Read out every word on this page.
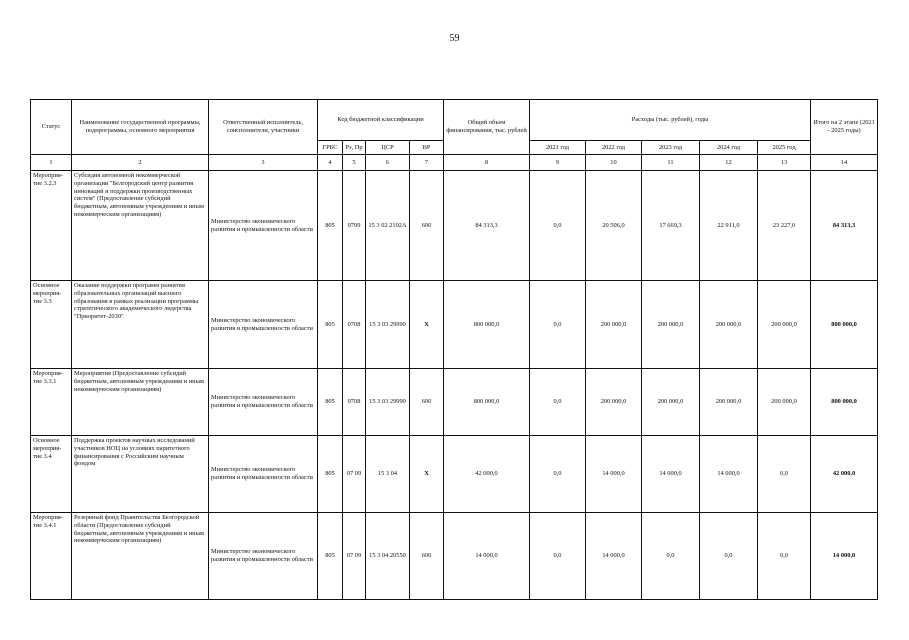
59
Статус	Наименование государственной программы, подпрограммы, основного мероприятия	Ответственный исполнитель, соисполнители, участники	Код бюджетной классификации				Общий объем финансирования, тыс. рублей	Расходы (тыс. рублей), годы					Итого на 2 этапе (2021 - 2025 годы)
			ГРБС	Рз, Пр	ЦСР	ВР		2021 год	2022 год	2023 год	2024 год	2025 год	
1	2	3	4	5	6	7	8	9	10	11	12	13	14
Мероприя-тие 3.2.3	Субсидия автономной некоммерческой организации "Белгородский центр развития инноваций и поддержки производственных систем" (Предоставление субсидий бюджетным, автономным учреждениям и иным некоммерческим организациям)	Министерство экономического развития и промышленности области	805	0709	15 3 02 2102А	600	84 313,3	0,0	20 506,0	17 669,3	22 911,0	23 227,0	84 313,3
Основное мероприя-тие 3.3	Оказание поддержки программ развития образовательных организаций высшего образования в рамках реализации программы стратегического академического лидерства "Приоритет-2030"	Министерство экономического развития и промышленности области	805	0708	15 3 03 29990	Х	800 000,0	0,0	200 000,0	200 000,0	200 000,0	200 000,0	800 000,0
Мероприя-тие 3.3.1	Мероприятия (Предоставление субсидий бюджетным, автономным учреждениям и иным некоммерческим организациям)	Министерство экономического развития и промышленности области	805	0708	15 3 03 29990	600	800 000,0	0,0	200 000,0	200 000,0	200 000,0	200 000,0	800 000,0
Основное мероприя-тие 3.4	Поддержка проектов научных исследований участников НОЦ на условиях паритетного финансирования с Российским научным фондом	Министерство экономического развития и промышленности области	805	07 09	15 3 04	Х	42 000,0	0,0	14 000,0	14 000,0	14 000,0	0,0	42 000,0
Мероприя-тие 3.4.1	Резервный фонд Правительства Белгородской области (Предоставление субсидий бюджетным, автономным учреждениям и иным некоммерческим организациям)	Министерство экономического развития и промышленности области	805	07 09	15 3 04 20550	600	14 000,0	0,0	14 000,0	0,0	0,0	0,0	14 000,0
